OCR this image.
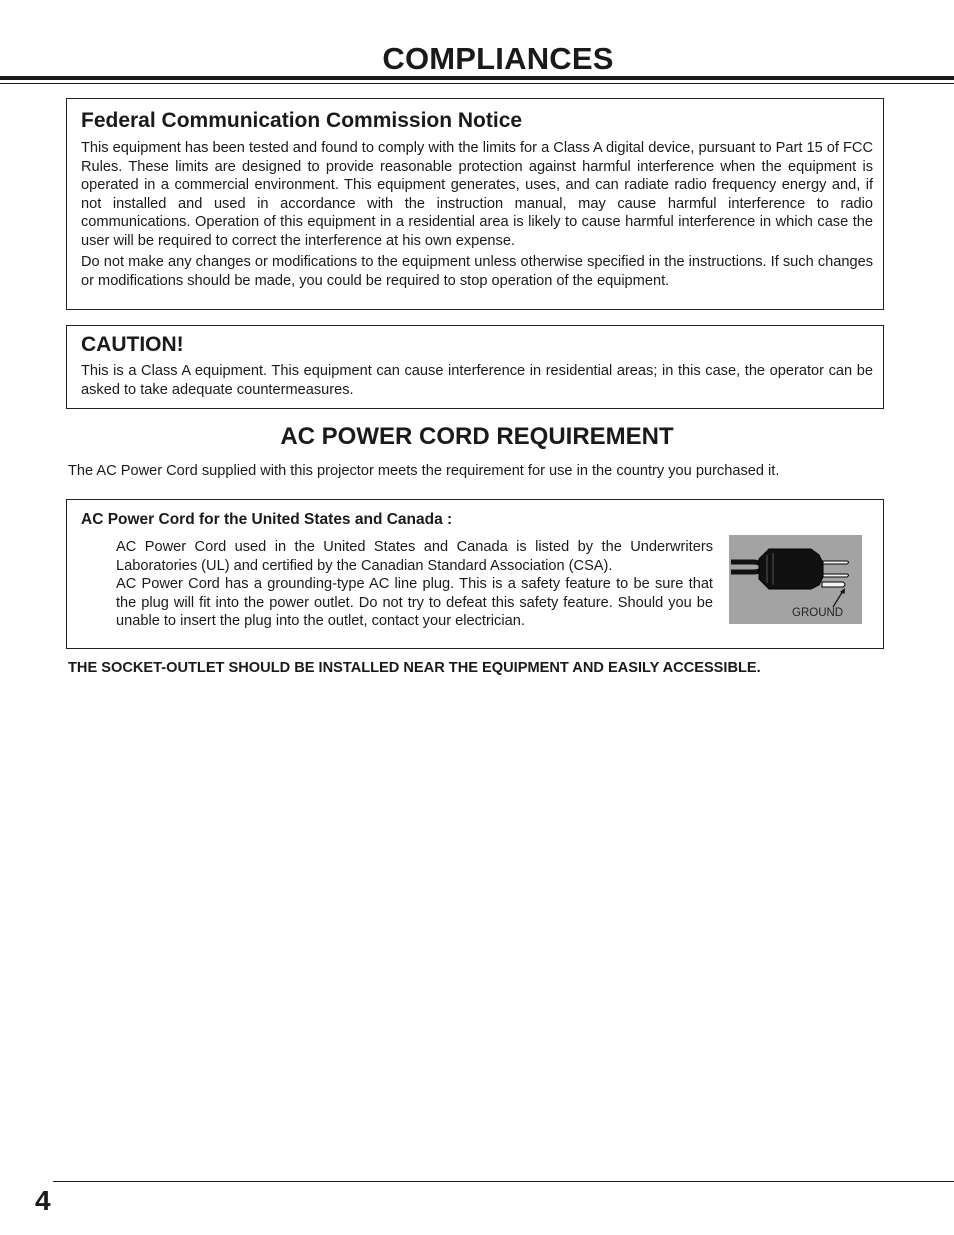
COMPLIANCES
Federal Communication Commission Notice
This equipment has been tested and found to comply with the limits for a Class A digital device, pursuant to Part 15 of FCC Rules. These limits are designed to provide reasonable protection against harmful interference when the equipment is operated in a commercial environment. This equipment generates, uses, and can radiate radio frequency energy and, if not installed and used in accordance with the instruction manual, may cause harmful interference to radio communications. Operation of this equipment in a residential area is likely to cause harmful interference in which case the user will be required to correct the interference at his own expense.
Do not make any changes or modifications to the equipment unless otherwise specified in the instructions. If such changes or modifications should be made, you could be required to stop operation of the equipment.
CAUTION!
This is a Class A equipment. This equipment can cause interference in residential areas; in this case, the operator can be asked to take adequate countermeasures.
AC POWER CORD REQUIREMENT
The AC Power Cord supplied with this projector meets the requirement for use in the country you purchased it.
AC Power Cord for the United States and Canada :
AC Power Cord used in the United States and Canada is listed by the Underwriters Laboratories (UL) and certified by the Canadian Standard Association (CSA).
AC Power Cord has a grounding-type AC line plug. This is a safety feature to be sure that the plug will fit into the power outlet. Do not try to defeat this safety feature. Should you be unable to insert the plug into the outlet, contact your electrician.
GROUND
THE SOCKET-OUTLET SHOULD BE INSTALLED NEAR THE EQUIPMENT AND EASILY ACCESSIBLE.
4
